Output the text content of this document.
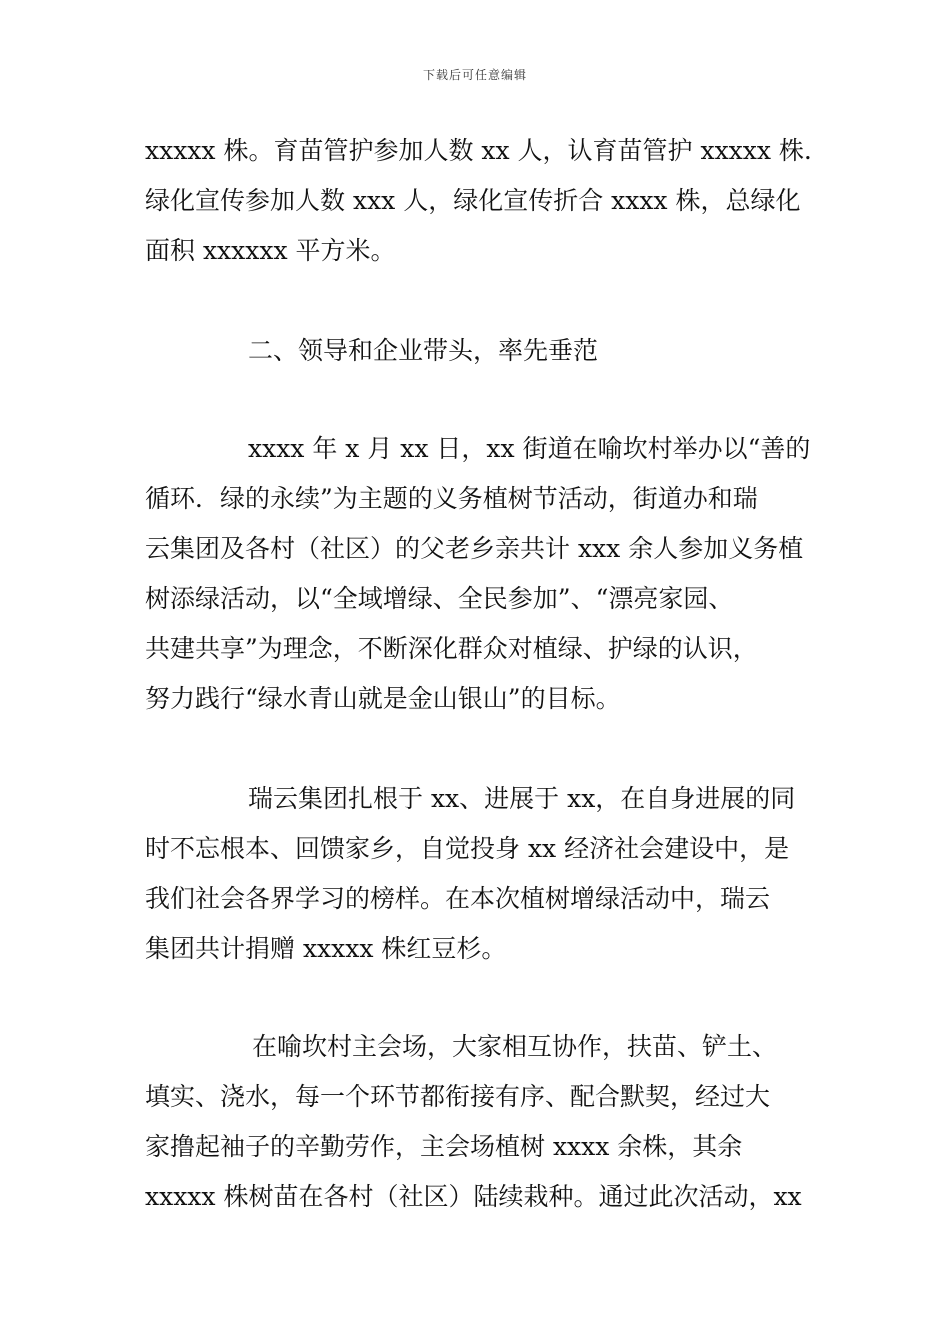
下载后可任意编辑
xxxxx 株。育苗管护参加人数 xx 人，认育苗管护 xxxxx 株.
绿化宣传参加人数 xxx 人，绿化宣传折合 xxxx 株，总绿化
面积 xxxxxx 平方米。
二、领导和企业带头，率先垂范
xxxx 年 x 月 xx 日，xx 街道在喻坎村举办以“善的
循环．绿的永续”为主题的义务植树节活动，街道办和瑞
云集团及各村（社区）的父老乡亲共计 xxx 余人参加义务植
树添绿活动，以“全域增绿、全民参加”、“漂亮家园、
共建共享”为理念，不断深化群众对植绿、护绿的认识，
努力践行“绿水青山就是金山银山”的目标。
瑞云集团扎根于 xx、进展于 xx，在自身进展的同
时不忘根本、回馈家乡，自觉投身 xx 经济社会建设中，是
我们社会各界学习的榜样。在本次植树增绿活动中，瑞云
集团共计捐赠 xxxxx 株红豆杉。
在喻坎村主会场，大家相互协作，扶苗、铲土、
填实、浇水，每一个环节都衔接有序、配合默契，经过大
家撸起袖子的辛勤劳作，主会场植树 xxxx 余株，其余
xxxxx 株树苗在各村（社区）陆续栽种。通过此次活动，xx
